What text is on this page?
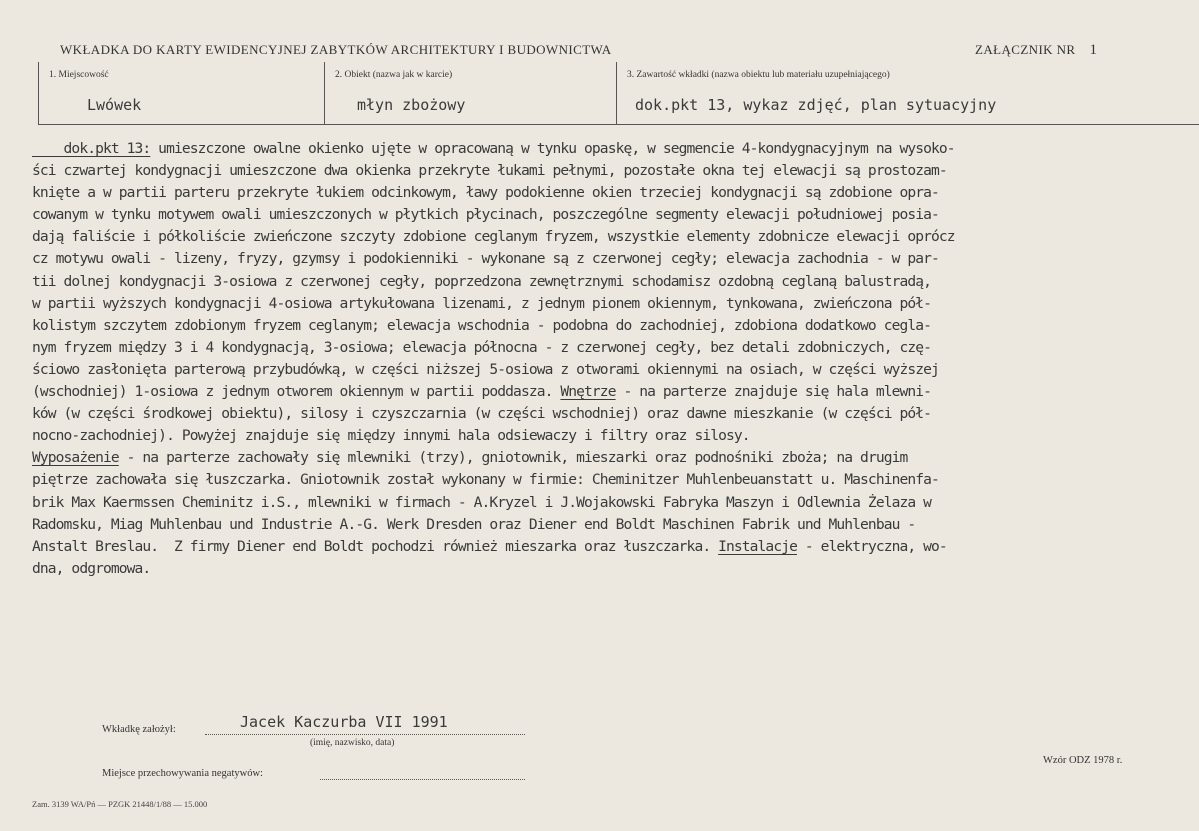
WKŁADKA DO KARTY EWIDENCYJNEJ ZABYTKÓW ARCHITEKTURY I BUDOWNICTWA	ZAŁĄCZNIK NR 1
1. Miejscowość
Lwówek
2. Obiekt (nazwa jak w karcie)
młyn zbożowy
3. Zawartość wkładki (nazwa obiektu lub materiału uzupełniającego)
dok.pkt 13, wykaz zdjęć, plan sytuacyjny
dok.pkt 13: umieszczone owalne okienko ujęte w opracowaną w tynku opaskę, w segmencie 4-kondygnacyjnym na wysoko-
ści czwartej kondygnacji umieszczone dwa okienka przekryte łukami pełnymi, pozostałe okna tej elewacji są prostozam-
knięte a w partii parteru przekryte łukiem odcinkowym, ławy podokienne okien trzeciej kondygnacji są zdobione opra-
cowanym w tynku motywem owali umieszczonych w płytkich płycinach, poszczególne segmenty elewacji południowej posia-
dają faliście i półkoliście zwieńczone szczyty zdobione ceglanym fryzem, wszystkie elementy zdobnicze elewacji oprócz
cz motywu owali - lizeny, fryzy, gzymsy i podokienniki - wykonane są z czerwonej cegły; elewacja zachodnia - w par-
tii dolnej kondygnacji 3-osiowa z czerwonej cegły, poprzedzona zewnętrznymi schodamisz ozdobną ceglaną balustradą,
w partii wyższych kondygnacji 4-osiowa artykułowana lizenami, z jednym pionem okiennym, tynkowana, zwieńczona pół-
kolistym szczytem zdobionym fryzem ceglanym; elewacja wschodnia - podobna do zachodniej, zdobiona dodatkowo cegla-
nym fryzem między 3 i 4 kondygnacją, 3-osiowa; elewacja północna - z czerwonej cegły, bez detali zdobniczych, czę-
ściowo zasłonięta parterową przybudówką, w części niższej 5-osiowa z otworami okiennymi na osiach, w części wyższej
(wschodniej) 1-osiowa z jednym otworem okiennym w partii poddasza. Wnętrze - na parterze znajduje się hala mlewni-
ków (w części środkowej obiektu), silosy i czyszczarnia (w części wschodniej) oraz dawne mieszkanie (w części pół-
nocno-zachodniej). Powyżej znajduje się między innymi hala odsiewaczy i filtry oraz silosy.
Wyposażenie - na parterze zachowały się mlewniki (trzy), gniotownik, mieszarki oraz podnośniki zboża; na drugim
piętrze zachowała się łuszczarka. Gniotownik został wykonany w firmie: Cheminitzer Muhlenbeuanstatt u. Maschinenfa-
brik Max Kaermssen Cheminitz i.S., mlewniki w firmach - A.Kryzel i J.Wojakowski Fabryka Maszyn i Odlewnia Żelaza w
Radomsku, Miag Muhlenbau und Industrie A.-G. Werk Dresden oraz Diener end Boldt Maschinen Fabrik und Muhlenbau -
Anstalt Breslau.  Z firmy Diener end Boldt pochodzi również mieszarka oraz łuszczarka. Instalacje - elektryczna, wo-
dna, odgromowa.
Wkładkę założył:	Jacek Kaczurba VII 1991
(imię, nazwisko, data)
Miejsce przechowywania negatywów:
Wzór ODZ 1978 r.
Zam. 3139 WA/Pń — PZGK 21448/1/88 — 15.000
